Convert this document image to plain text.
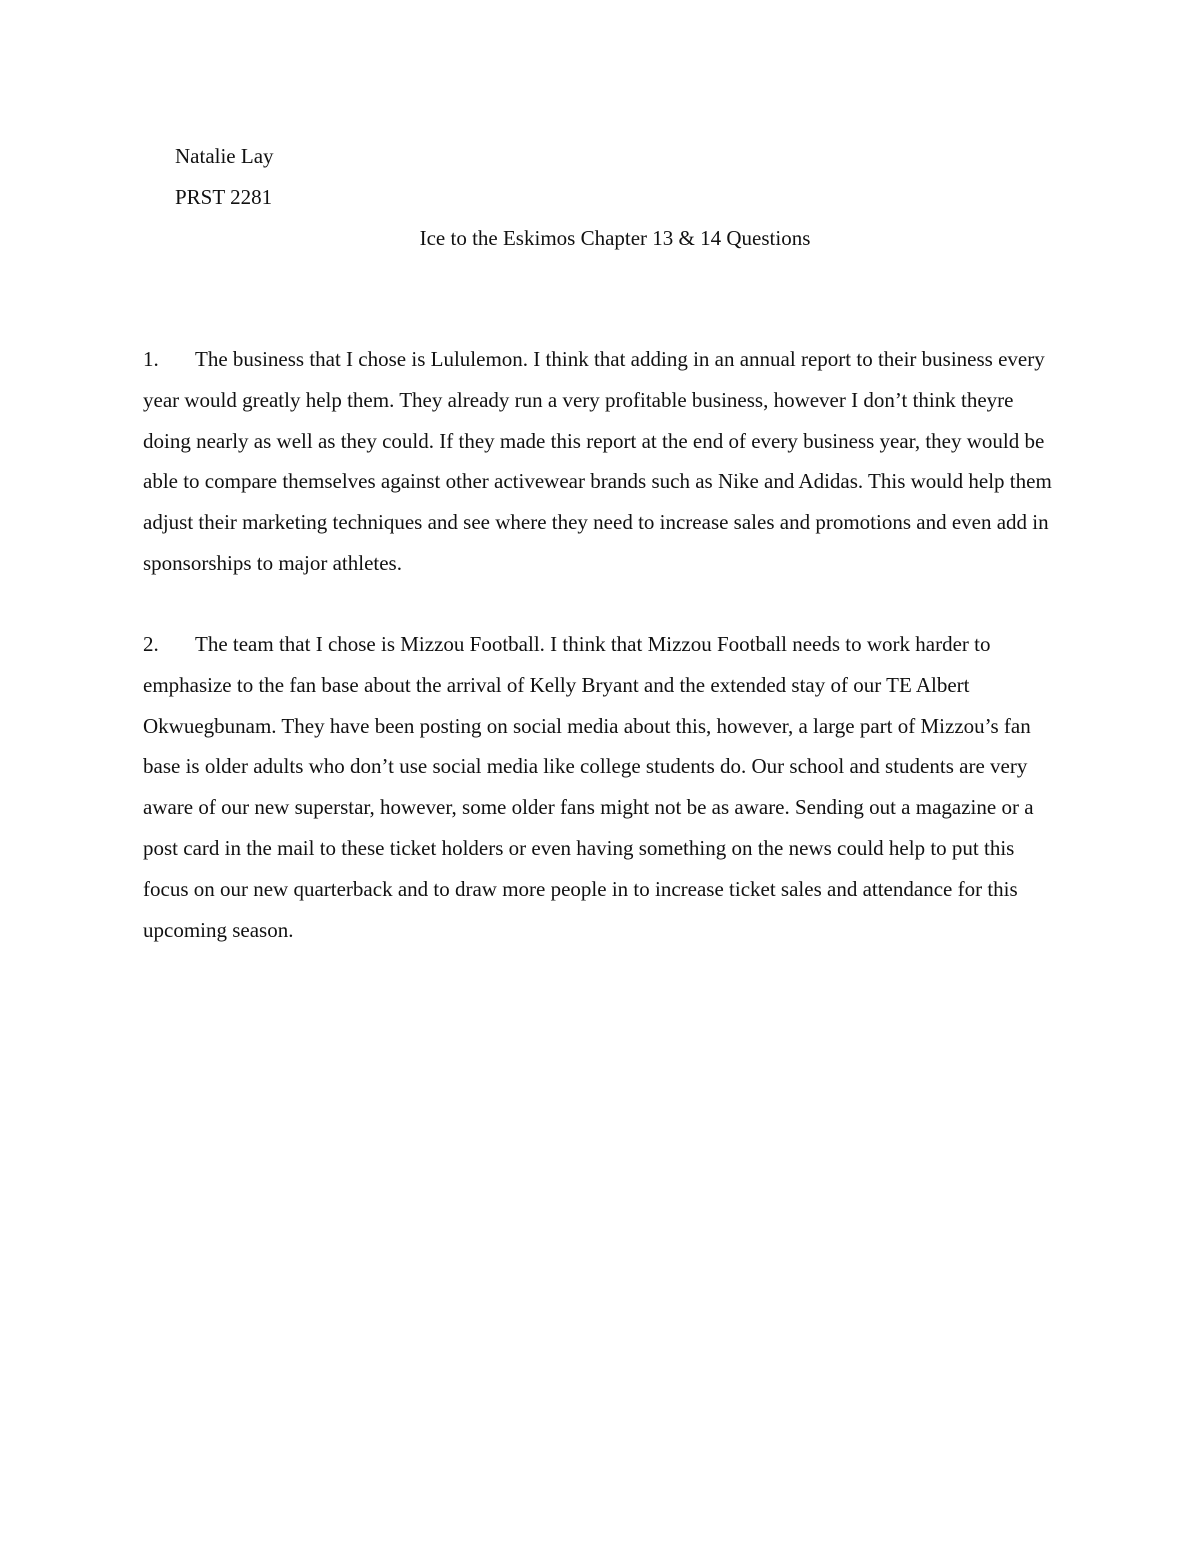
Natalie Lay
PRST 2281
Ice to the Eskimos Chapter 13 & 14 Questions
1. The business that I chose is Lululemon. I think that adding in an annual report to their business every year would greatly help them. They already run a very profitable business, however I don’t think theyre doing nearly as well as they could. If they made this report at the end of every business year, they would be able to compare themselves against other activewear brands such as Nike and Adidas. This would help them adjust their marketing techniques and see where they need to increase sales and promotions and even add in sponsorships to major athletes.
2. The team that I chose is Mizzou Football. I think that Mizzou Football needs to work harder to emphasize to the fan base about the arrival of Kelly Bryant and the extended stay of our TE Albert Okwuegbunam. They have been posting on social media about this, however, a large part of Mizzou’s fan base is older adults who don’t use social media like college students do. Our school and students are very aware of our new superstar, however, some older fans might not be as aware. Sending out a magazine or a post card in the mail to these ticket holders or even having something on the news could help to put this focus on our new quarterback and to draw more people in to increase ticket sales and attendance for this upcoming season.
